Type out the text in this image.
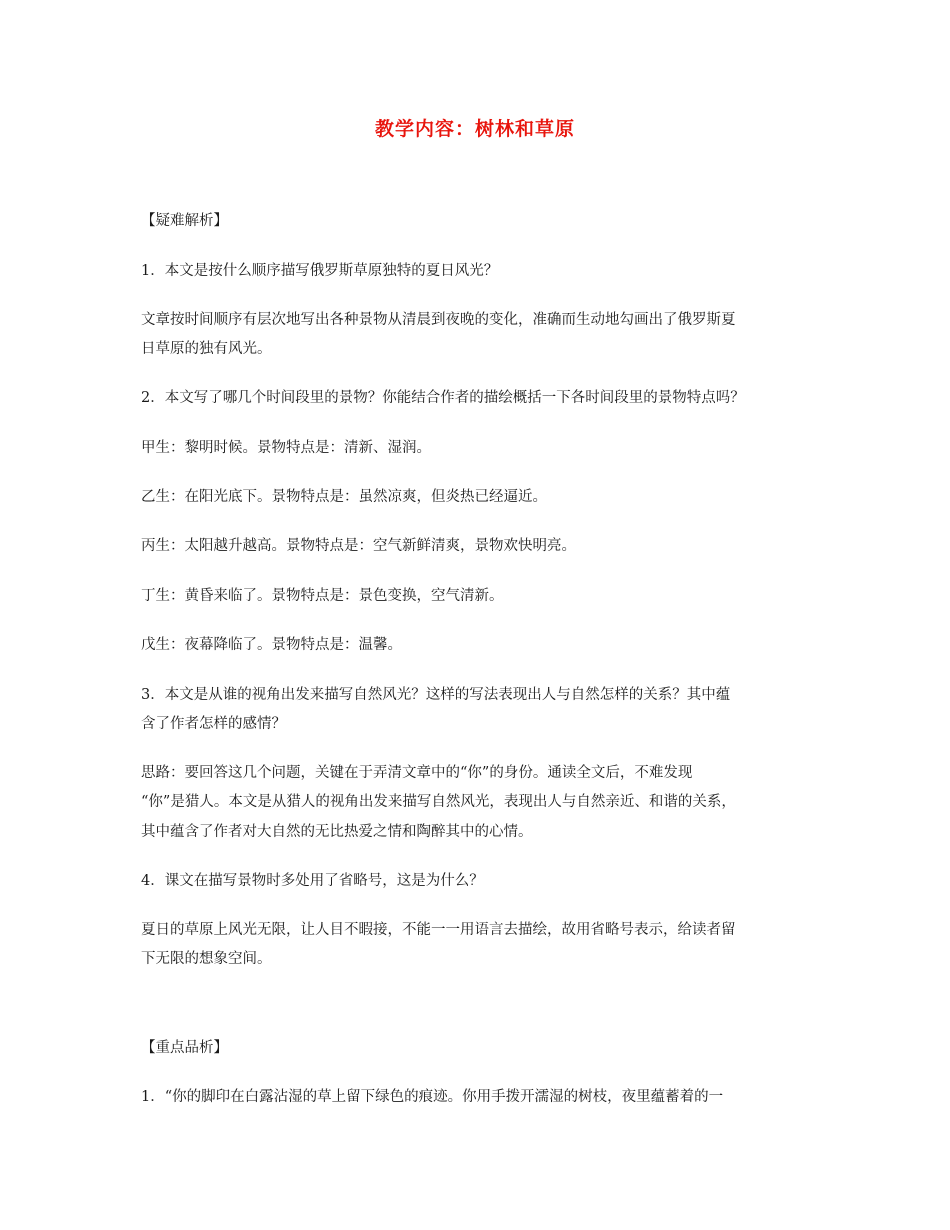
教学内容：树林和草原
【疑难解析】
1．本文是按什么顺序描写俄罗斯草原独特的夏日风光？
文章按时间顺序有层次地写出各种景物从清晨到夜晚的变化，准确而生动地勾画出了俄罗斯夏
日草原的独有风光。
2．本文写了哪几个时间段里的景物？你能结合作者的描绘概括一下各时间段里的景物特点吗？
甲生：黎明时候。景物特点是：清新、湿润。
乙生：在阳光底下。景物特点是：虽然凉爽，但炎热已经逼近。
丙生：太阳越升越高。景物特点是：空气新鲜清爽，景物欢快明亮。
丁生：黄昏来临了。景物特点是：景色变换，空气清新。
戊生：夜幕降临了。景物特点是：温馨。
3．本文是从谁的视角出发来描写自然风光？这样的写法表现出人与自然怎样的关系？其中蕴
含了作者怎样的感情？
思路：要回答这几个问题，关键在于弄清文章中的“你”的身份。通读全文后，不难发现
“你”是猎人。本文是从猎人的视角出发来描写自然风光，表现出人与自然亲近、和谐的关系，
其中蕴含了作者对大自然的无比热爱之情和陶醉其中的心情。
4．课文在描写景物时多处用了省略号，这是为什么？
夏日的草原上风光无限，让人目不暇接，不能一一用语言去描绘，故用省略号表示，给读者留
下无限的想象空间。
【重点品析】
1．“你的脚印在白露沾湿的草上留下绿色的痕迹。你用手拨开濡湿的树枝，夜里蕴蓄着的一
